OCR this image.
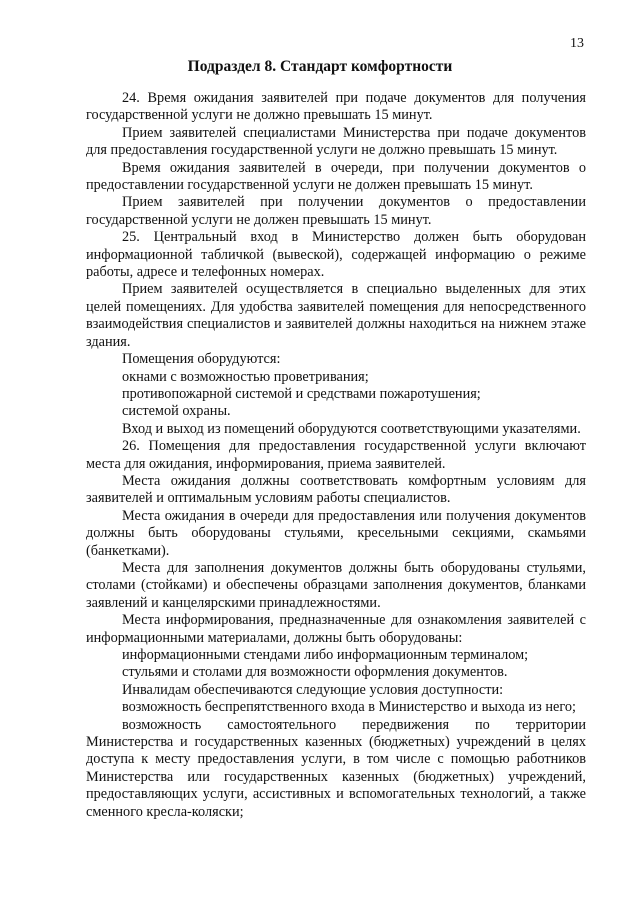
13
Подраздел 8. Стандарт комфортности

24. Время ожидания заявителей при подаче документов для получения государственной услуги не должно превышать 15 минут.

Прием заявителей специалистами Министерства при подаче документов для предоставления государственной услуги не должно превышать 15 минут.

Время ожидания заявителей в очереди, при получении документов о предоставлении государственной услуги не должен превышать 15 минут.

Прием заявителей при получении документов о предоставлении государственной услуги не должен превышать 15 минут.

25. Центральный вход в Министерство должен быть оборудован информационной табличкой (вывеской), содержащей информацию о режиме работы, адресе и телефонных номерах.

Прием заявителей осуществляется в специально выделенных для этих целей помещениях. Для удобства заявителей помещения для непосредственного взаимодействия специалистов и заявителей должны находиться на нижнем этаже здания.

Помещения оборудуются:

окнами с возможностью проветривания;

противопожарной системой и средствами пожаротушения;

системой охраны.

Вход и выход из помещений оборудуются соответствующими указателями.

26. Помещения для предоставления государственной услуги включают места для ожидания, информирования, приема заявителей.

Места ожидания должны соответствовать комфортным условиям для заявителей и оптимальным условиям работы специалистов.

Места ожидания в очереди для предоставления или получения документов должны быть оборудованы стульями, кресельными секциями, скамьями (банкетками).

Места для заполнения документов должны быть оборудованы стульями, столами (стойками) и обеспечены образцами заполнения документов, бланками заявлений и канцелярскими принадлежностями.

Места информирования, предназначенные для ознакомления заявителей с информационными материалами, должны быть оборудованы:

информационными стендами либо информационным терминалом;

стульями и столами для возможности оформления документов.

Инвалидам обеспечиваются следующие условия доступности:

возможность беспрепятственного входа в Министерство и выхода из него;

возможность самостоятельного передвижения по территории Министерства и государственных казенных (бюджетных) учреждений в целях доступа к месту предоставления услуги, в том числе с помощью работников Министерства или государственных казенных (бюджетных) учреждений, предоставляющих услуги, ассистивных и вспомогательных технологий, а также сменного кресла-коляски;
